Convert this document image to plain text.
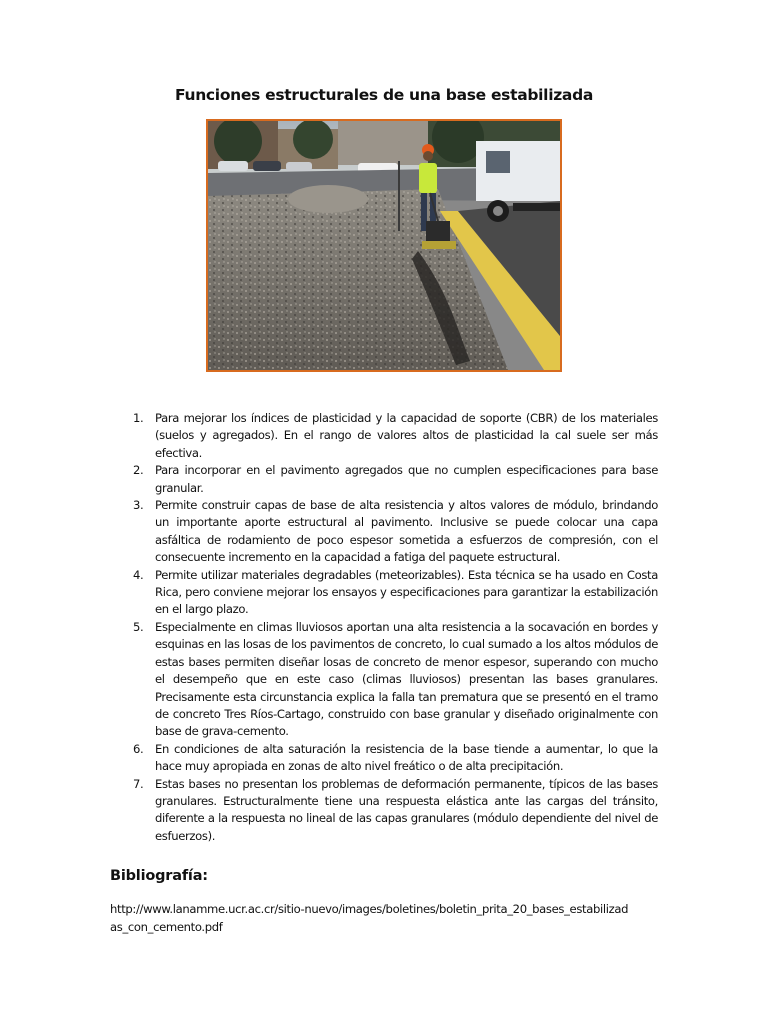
Funciones estructurales de una base estabilizada
1. Para mejorar los índices de plasticidad y la capacidad de soporte (CBR) de los materiales (suelos y agregados). En el rango de valores altos de plasticidad la cal suele ser más efectiva.
2. Para incorporar en el pavimento agregados que no cumplen especificaciones para base granular.
3. Permite construir capas de base de alta resistencia y altos valores de módulo, brindando un importante aporte estructural al pavimento. Inclusive se puede colocar una capa asfáltica de rodamiento de poco espesor sometida a esfuerzos de compresión, con el consecuente incremento en la capacidad a fatiga del paquete estructural.
4. Permite utilizar materiales degradables (meteorizables). Esta técnica se ha usado en Costa Rica, pero conviene mejorar los ensayos y especificaciones para garantizar la estabilización en el largo plazo.
5. Especialmente en climas lluviosos aportan una alta resistencia a la socavación en bordes y esquinas en las losas de los pavimentos de concreto, lo cual sumado a los altos módulos de estas bases permiten diseñar losas de concreto de menor espesor, superando con mucho el desempeño que en este caso (climas lluviosos) presentan las bases granulares. Precisamente esta circunstancia explica la falla tan prematura que se presentó en el tramo de concreto Tres Ríos-Cartago, construido con base granular y diseñado originalmente con base de grava-cemento.
6. En condiciones de alta saturación la resistencia de la base tiende a aumentar, lo que la hace muy apropiada en zonas de alto nivel freático o de alta precipitación.
7. Estas bases no presentan los problemas de deformación permanente, típicos de las bases granulares. Estructuralmente tiene una respuesta elástica ante las cargas del tránsito, diferente a la respuesta no lineal de las capas granulares (módulo dependiente del nivel de esfuerzos).
Bibliografía:
http://www.lanamme.ucr.ac.cr/sitio-nuevo/images/boletines/boletin_prita_20_bases_estabilizadas_con_cemento.pdf
